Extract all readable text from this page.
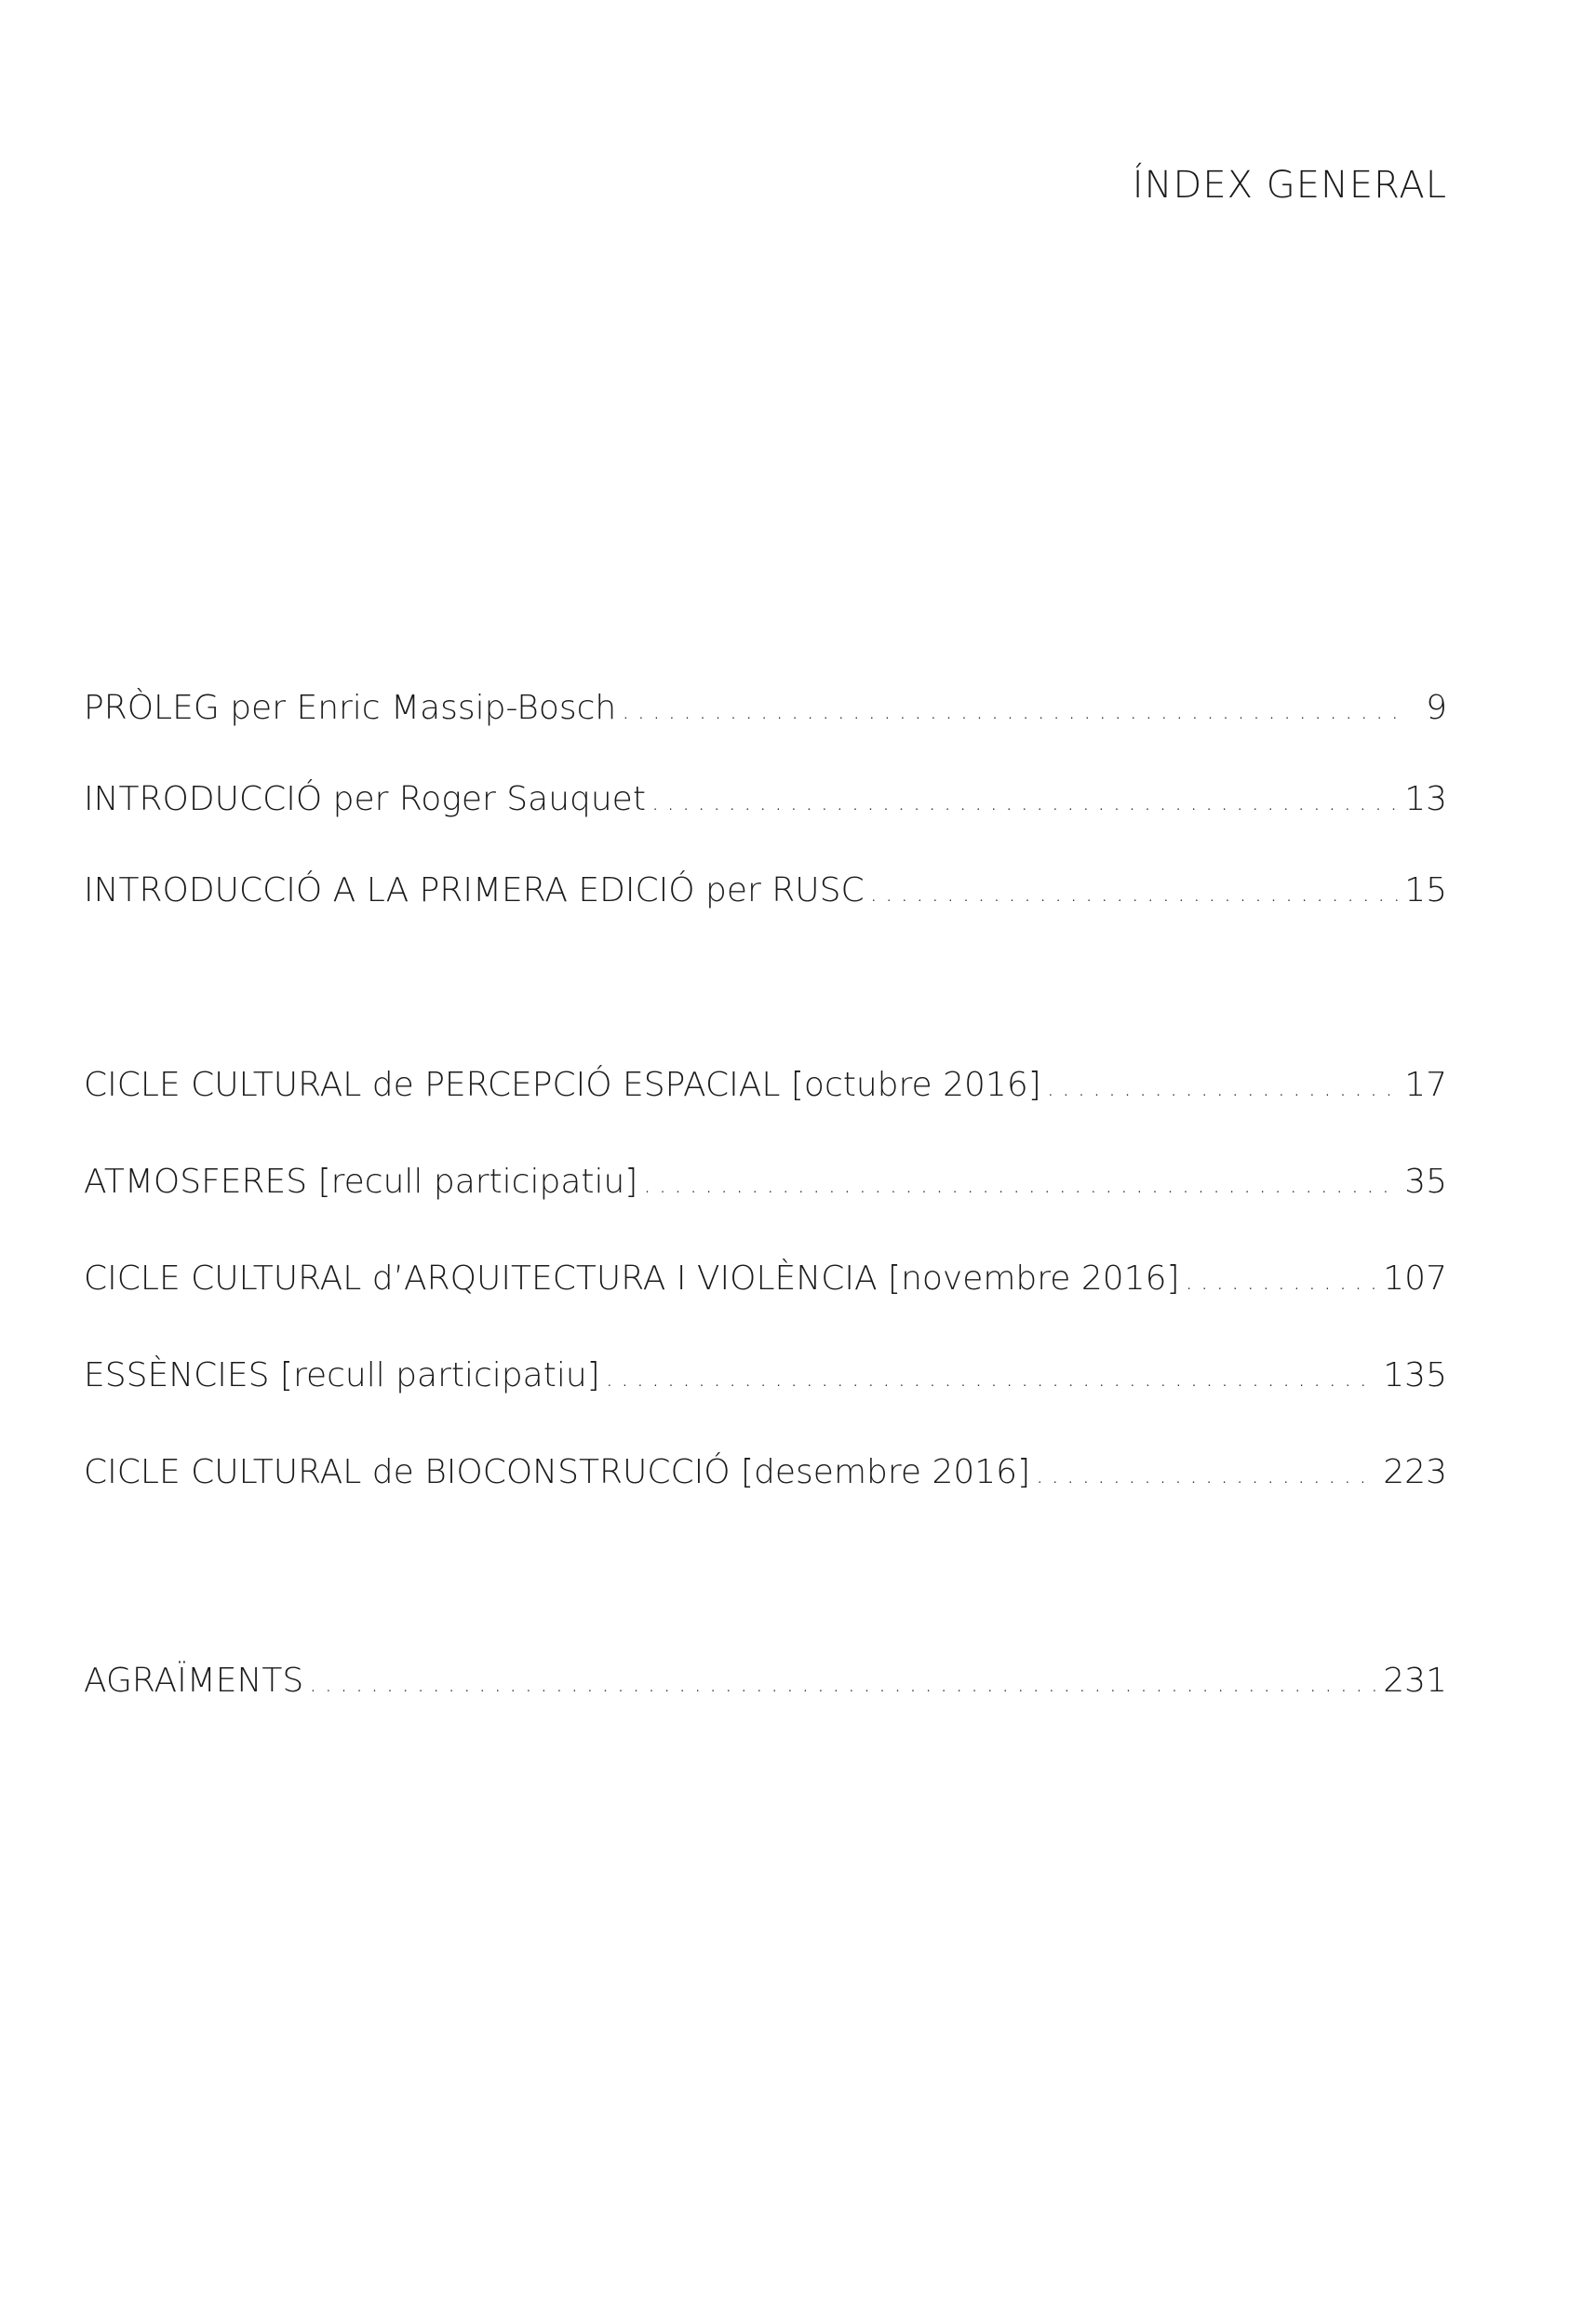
ÍNDEX GENERAL
PRÒLEG per Enric Massip-Bosch . . .	9
INTRODUCCIÓ per Roger Sauquet . . .	13
INTRODUCCIÓ A LA PRIMERA EDICIÓ per RUSC . . .	15
CICLE CULTURAL de PERCEPCIÓ ESPACIAL [octubre 2016] . . .	17
ATMOSFERES [recull participatiu] . . .	35
CICLE CULTURAL d’ARQUITECTURA I VIOLÈNCIA [novembre 2016] . . .	107
ESSÈNCIES [recull participatiu] . . .	135
CICLE CULTURAL de BIOCONSTRUCCIÓ [desembre 2016] . . .	223
AGRAÏMENTS . . .	231
